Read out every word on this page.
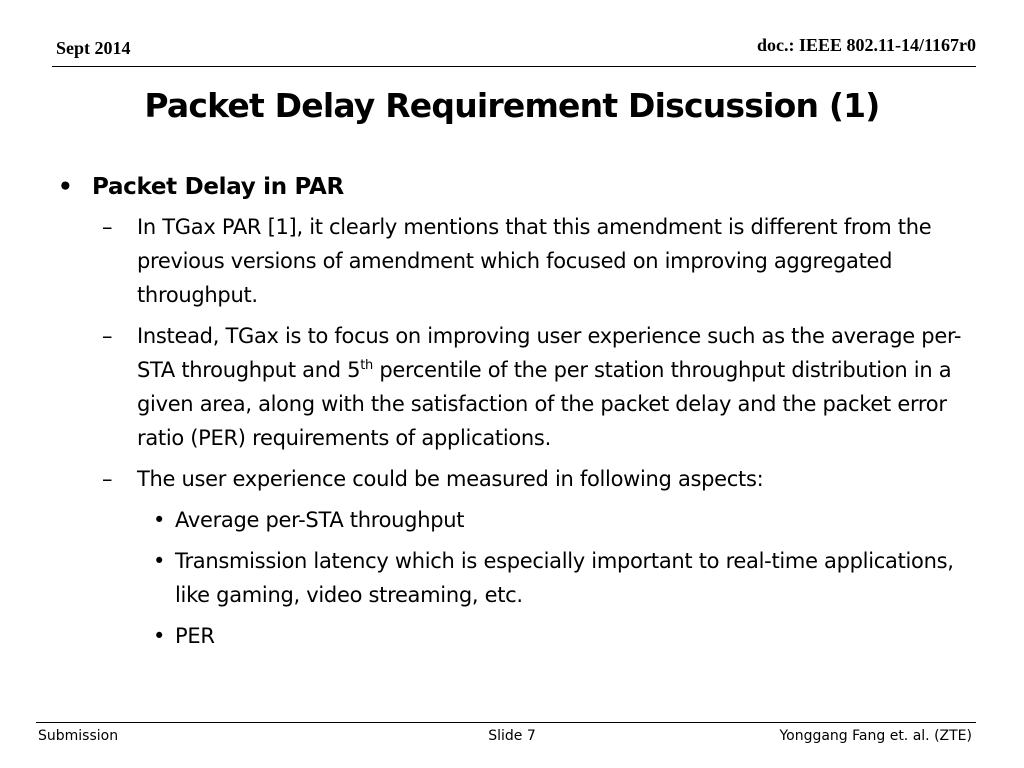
Sept 2014	doc.: IEEE 802.11-14/1167r0
Packet Delay Requirement Discussion (1)
• Packet Delay in PAR
– In TGax PAR [1], it clearly mentions that this amendment is different from the previous versions of amendment which focused on improving aggregated throughput.
– Instead, TGax is to focus on improving user experience such as the average per-STA throughput and 5th percentile of the per station throughput distribution in a given area, along with the satisfaction of the packet delay and the packet error ratio (PER) requirements of applications.
– The user experience could be measured in following aspects:
• Average per-STA throughput
• Transmission latency which is especially important to real-time applications, like gaming, video streaming, etc.
• PER
Submission	Slide 7	Yonggang Fang et. al. (ZTE)
